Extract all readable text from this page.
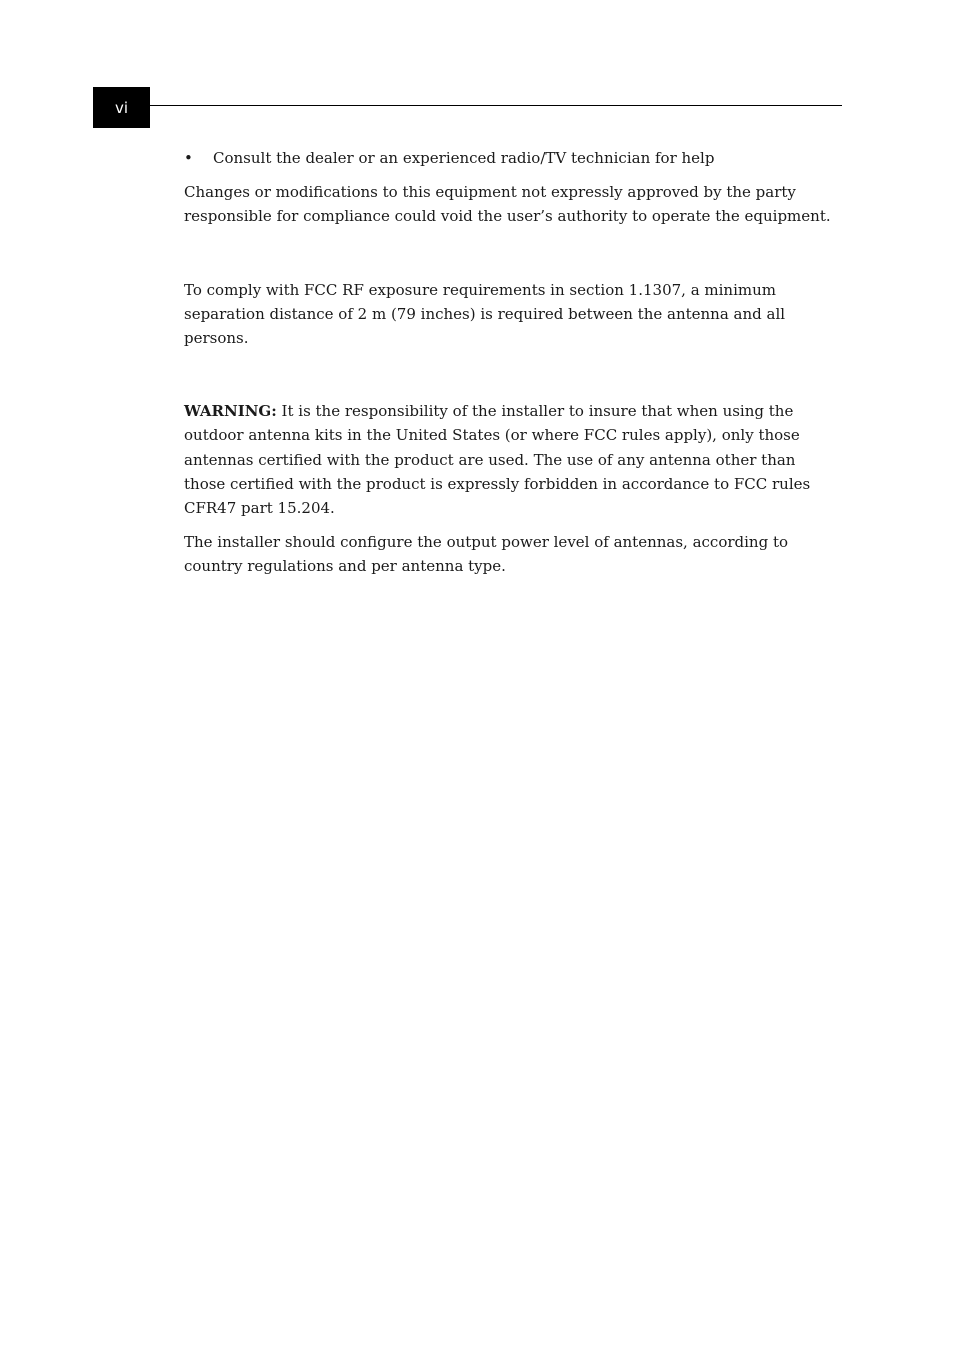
vi
• Consult the dealer or an experienced radio/TV technician for help

Changes or modifications to this equipment not expressly approved by the party responsible for compliance could void the user’s authority to operate the equipment.

To comply with FCC RF exposure requirements in section 1.1307, a minimum separation distance of 2 m (79 inches) is required between the antenna and all persons.

WARNING: It is the responsibility of the installer to insure that when using the outdoor antenna kits in the United States (or where FCC rules apply), only those antennas certified with the product are used. The use of any antenna other than those certified with the product is expressly forbidden in accordance to FCC rules CFR47 part 15.204.

The installer should configure the output power level of antennas, according to country regulations and per antenna type.
